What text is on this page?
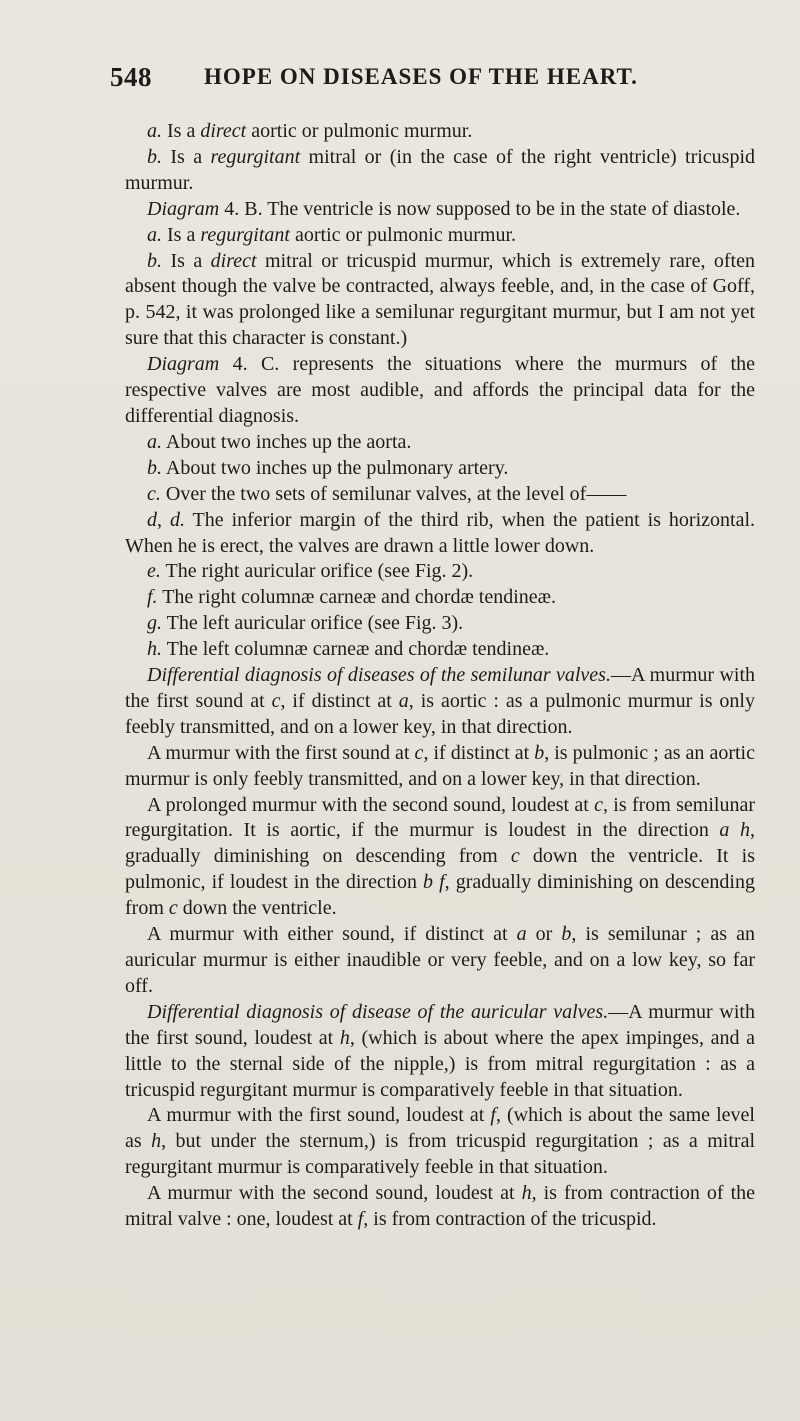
548 HOPE ON DISEASES OF THE HEART.

a. Is a direct aortic or pulmonic murmur.

b. Is a regurgitant mitral or (in the case of the right ventricle) tricuspid murmur.

Diagram 4. B. The ventricle is now supposed to be in the state of diastole.

a. Is a regurgitant aortic or pulmonic murmur.

b. Is a direct mitral or tricuspid murmur, which is extremely rare, often absent though the valve be contracted, always feeble, and, in the case of Goff, p. 542, it was prolonged like a semilunar regurgitant murmur, but I am not yet sure that this character is constant.)

Diagram 4. C. represents the situations where the murmurs of the respective valves are most audible, and affords the principal data for the differential diagnosis.

a. About two inches up the aorta.

b. About two inches up the pulmonary artery.

c. Over the two sets of semilunar valves, at the level of——

d, d. The inferior margin of the third rib, when the patient is horizontal. When he is erect, the valves are drawn a little lower down.

e. The right auricular orifice (see Fig. 2).

f. The right columnæ carneæ and chordæ tendineæ.

g. The left auricular orifice (see Fig. 3).

h. The left columnæ carneæ and chordæ tendineæ.

Differential diagnosis of diseases of the semilunar valves.—A murmur with the first sound at c, if distinct at a, is aortic : as a pulmonic murmur is only feebly transmitted, and on a lower key, in that direction.

A murmur with the first sound at c, if distinct at b, is pulmonic ; as an aortic murmur is only feebly transmitted, and on a lower key, in that direction.

A prolonged murmur with the second sound, loudest at c, is from semilunar regurgitation. It is aortic, if the murmur is loudest in the direction a h, gradually diminishing on descending from c down the ventricle. It is pulmonic, if loudest in the direction b f, gradually diminishing on descending from c down the ventricle.

A murmur with either sound, if distinct at a or b, is semilunar ; as an auricular murmur is either inaudible or very feeble, and on a low key, so far off.

Differential diagnosis of disease of the auricular valves.—A murmur with the first sound, loudest at h, (which is about where the apex impinges, and a little to the sternal side of the nipple,) is from mitral regurgitation : as a tricuspid regurgitant murmur is comparatively feeble in that situation.

A murmur with the first sound, loudest at f, (which is about the same level as h, but under the sternum,) is from tricuspid regurgitation ; as a mitral regurgitant murmur is comparatively feeble in that situation.

A murmur with the second sound, loudest at h, is from contraction of the mitral valve : one, loudest at f, is from contraction of the tricuspid.
